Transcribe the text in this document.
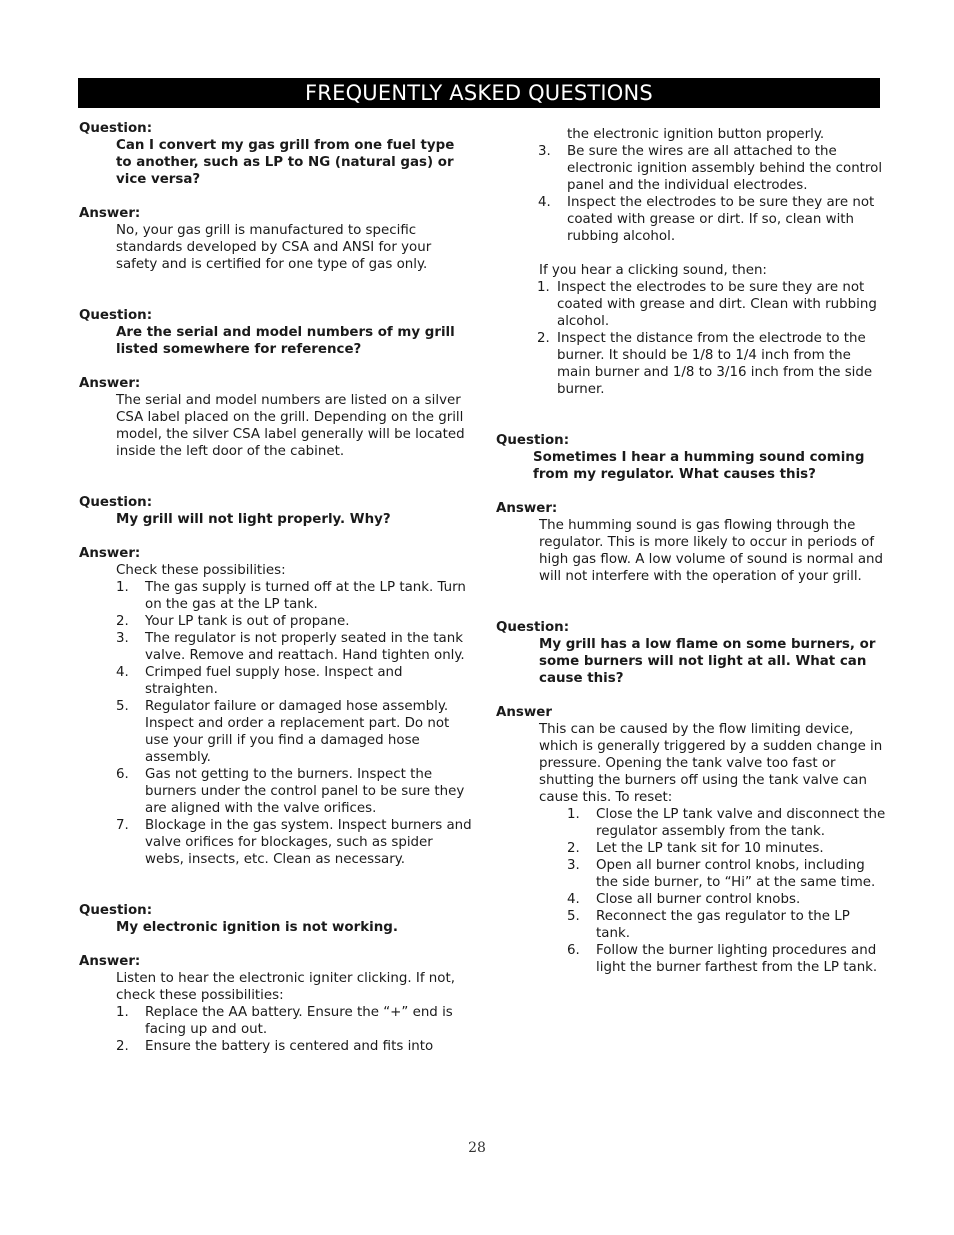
FREQUENTLY ASKED QUESTIONS
Question:
Can I convert my gas grill from one fuel type to another, such as LP to NG (natural gas) or vice versa?
Answer:
No, your gas grill is manufactured to specific standards developed by CSA and ANSI for your safety and is certified for one type of gas only.
Question:
Are the serial and model numbers of my grill listed somewhere for reference?
Answer:
The serial and model numbers are listed on a silver CSA label placed on the grill. Depending on the grill model, the silver CSA label generally will be located inside the left door of the cabinet.
Question:
My grill will not light properly. Why?
Answer:
Check these possibilities:
1. The gas supply is turned off at the LP tank. Turn on the gas at the LP tank.
2. Your LP tank is out of propane.
3. The regulator is not properly seated in the tank valve. Remove and reattach. Hand tighten only.
4. Crimped fuel supply hose. Inspect and straighten.
5. Regulator failure or damaged hose assembly. Inspect and order a replacement part. Do not use your grill if you find a damaged hose assembly.
6. Gas not getting to the burners. Inspect the burners under the control panel to be sure they are aligned with the valve orifices.
7. Blockage in the gas system. Inspect burners and valve orifices for blockages, such as spider webs, insects, etc. Clean as necessary.
Question:
My electronic ignition is not working.
Answer:
Listen to hear the electronic igniter clicking. If not, check these possibilities:
1. Replace the AA battery. Ensure the “+” end is facing up and out.
2. Ensure the battery is centered and fits into
the electronic ignition button properly.
3. Be sure the wires are all attached to the electronic ignition assembly behind the control panel and the individual electrodes.
4. Inspect the electrodes to be sure they are not coated with grease or dirt. If so, clean with rubbing alcohol.
If you hear a clicking sound, then:
1. Inspect the electrodes to be sure they are not coated with grease and dirt. Clean with rubbing alcohol.
2. Inspect the distance from the electrode to the burner. It should be 1/8 to 1/4 inch from the main burner and 1/8 to 3/16 inch from the side burner.
Question:
Sometimes I hear a humming sound coming from my regulator. What causes this?
Answer:
The humming sound is gas flowing through the regulator. This is more likely to occur in periods of high gas flow. A low volume of sound is normal and will not interfere with the operation of your grill.
Question:
My grill has a low flame on some burners, or some burners will not light at all. What can cause this?
Answer
This can be caused by the flow limiting device, which is generally triggered by a sudden change in pressure. Opening the tank valve too fast or shutting the burners off using the tank valve can cause this. To reset:
1. Close the LP tank valve and disconnect the regulator assembly from the tank.
2. Let the LP tank sit for 10 minutes.
3. Open all burner control knobs, including the side burner, to “Hi” at the same time.
4. Close all burner control knobs.
5. Reconnect the gas regulator to the LP tank.
6. Follow the burner lighting procedures and light the burner farthest from the LP tank.
28
